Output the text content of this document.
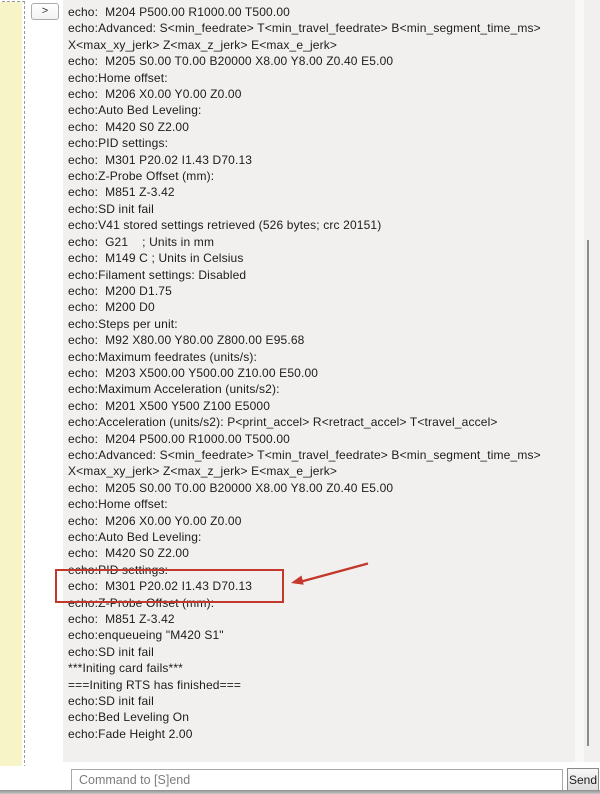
>	echo:  M204 P500.00 R1000.00 T500.00
echo:Advanced: S<min_feedrate> T<min_travel_feedrate> B<min_segment_time_ms>
X<max_xy_jerk> Z<max_z_jerk> E<max_e_jerk>
echo:  M205 S0.00 T0.00 B20000 X8.00 Y8.00 Z0.40 E5.00
echo:Home offset:
echo:  M206 X0.00 Y0.00 Z0.00
echo:Auto Bed Leveling:
echo:  M420 S0 Z2.00
echo:PID settings:
echo:  M301 P20.02 I1.43 D70.13
echo:Z-Probe Offset (mm):
echo:  M851 Z-3.42
echo:SD init fail
echo:V41 stored settings retrieved (526 bytes; crc 20151)
echo:  G21    ; Units in mm
echo:  M149 C ; Units in Celsius
echo:Filament settings: Disabled
echo:  M200 D1.75
echo:  M200 D0
echo:Steps per unit:
echo:  M92 X80.00 Y80.00 Z800.00 E95.68
echo:Maximum feedrates (units/s):
echo:  M203 X500.00 Y500.00 Z10.00 E50.00
echo:Maximum Acceleration (units/s2):
echo:  M201 X500 Y500 Z100 E5000
echo:Acceleration (units/s2): P<print_accel> R<retract_accel> T<travel_accel>
echo:  M204 P500.00 R1000.00 T500.00
echo:Advanced: S<min_feedrate> T<min_travel_feedrate> B<min_segment_time_ms>
X<max_xy_jerk> Z<max_z_jerk> E<max_e_jerk>
echo:  M205 S0.00 T0.00 B20000 X8.00 Y8.00 Z0.40 E5.00
echo:Home offset:
echo:  M206 X0.00 Y0.00 Z0.00
echo:Auto Bed Leveling:
echo:  M420 S0 Z2.00
echo:PID settings:
echo:  M301 P20.02 I1.43 D70.13
echo:Z-Probe Offset (mm):
echo:  M851 Z-3.42
echo:enqueueing "M420 S1"
echo:SD init fail
***Initing card fails***
===Initing RTS has finished===
echo:SD init fail
echo:Bed Leveling On
echo:Fade Height 2.00
Command to [S]end
Send
